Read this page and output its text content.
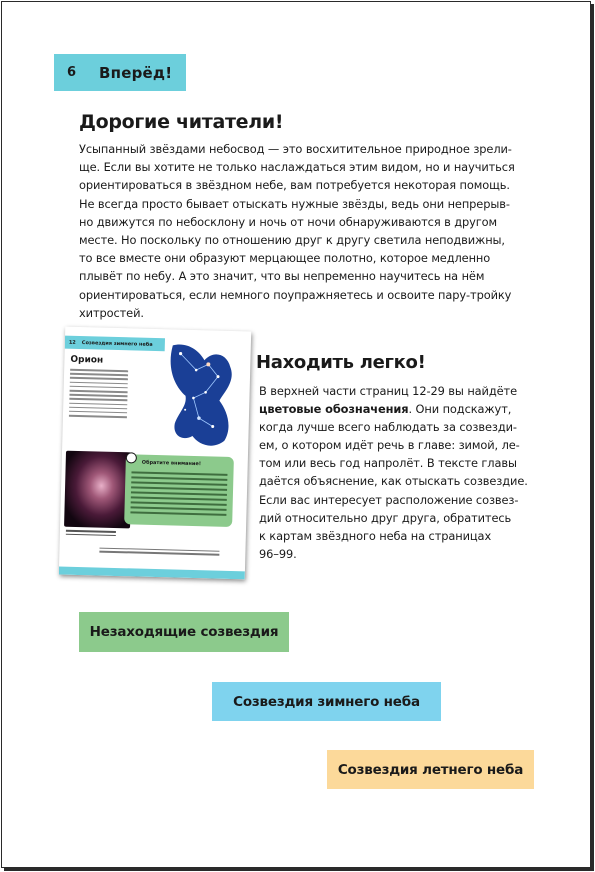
6	Вперёд!
Дорогие читатели!
Усыпанный звёздами небосвод — это восхитительное природное зрели-
ще. Если вы хотите не только наслаждаться этим видом, но и научиться
ориентироваться в звёздном небе, вам потребуется некоторая помощь.
Не всегда просто бывает отыскать нужные звёзды, ведь они непрерыв-
но движутся по небосклону и ночь от ночи обнаруживаются в другом
месте. Но поскольку по отношению друг к другу светила неподвижны,
то все вместе они образуют мерцающее полотно, которое медленно
плывёт по небу. А это значит, что вы непременно научитесь на нём
ориентироваться, если немного поупражняетесь и освоите пару-тройку
хитростей.
12 Созвездия зимнего неба
Орион
Обратите внимание!
Находить легко!
В верхней части страниц 12-29 вы найдёте
цветовые обозначения. Они подскажут,
когда лучше всего наблюдать за созвезди-
ем, о котором идёт речь в главе: зимой, ле-
том или весь год напролёт. В тексте главы
даётся объяснение, как отыскать созвездие.
Если вас интересует расположение созвез-
дий относительно друг друга, обратитесь
к картам звёздного неба на страницах
96–99.
Незаходящие созвездия
Созвездия зимнего неба
Созвездия летнего неба
